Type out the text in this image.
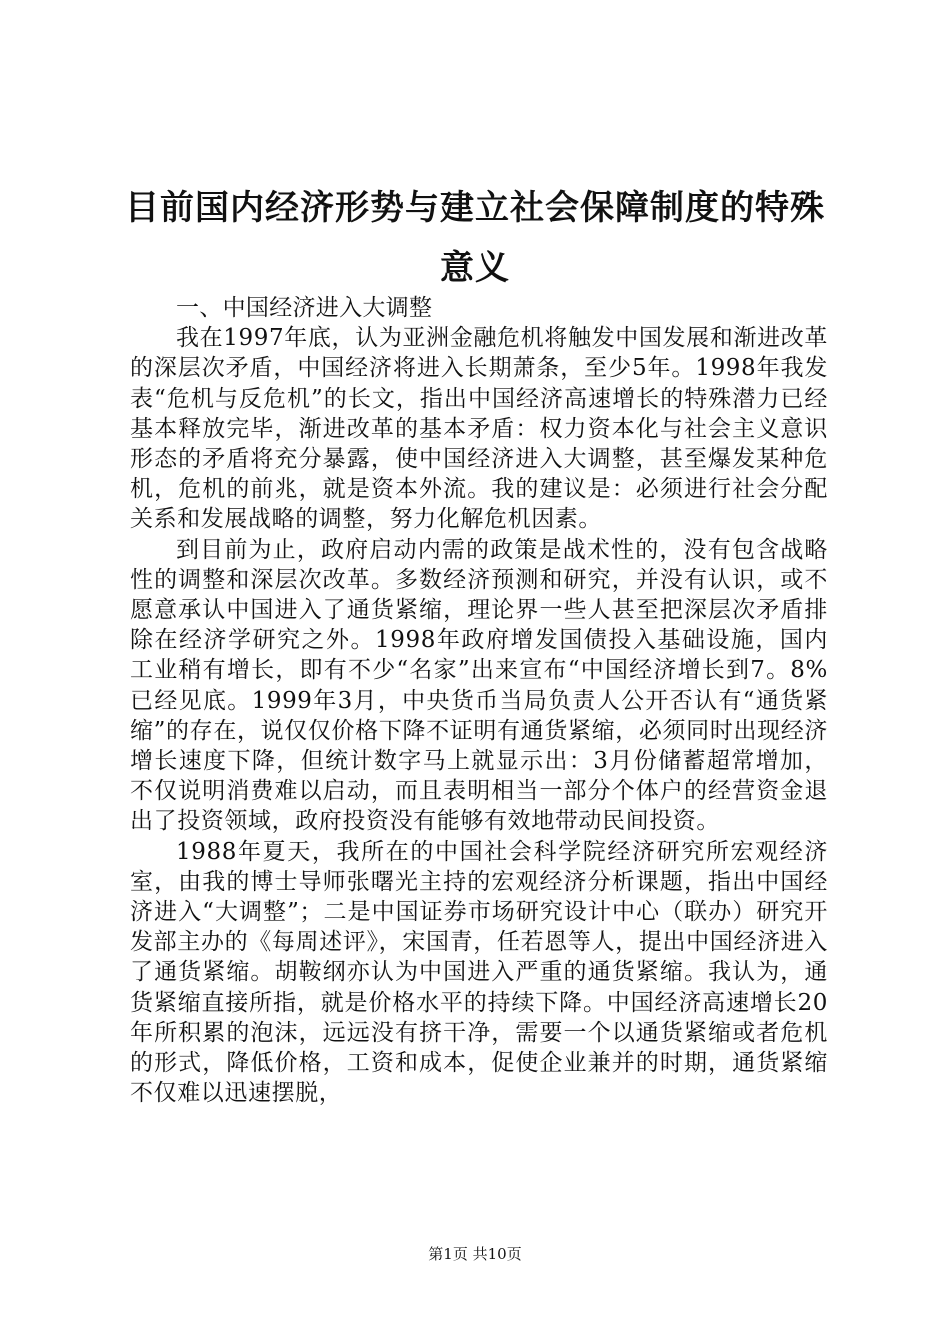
目前国内经济形势与建立社会保障制度的特殊意义

一、中国经济进入大调整

我在1997年底，认为亚洲金融危机将触发中国发展和渐进改革的深层次矛盾，中国经济将进入长期萧条，至少5年。1998年我发表“危机与反危机”的长文，指出中国经济高速增长的特殊潜力已经基本释放完毕，渐进改革的基本矛盾：权力资本化与社会主义意识形态的矛盾将充分暴露，使中国经济进入大调整，甚至爆发某种危机，危机的前兆，就是资本外流。我的建议是：必须进行社会分配关系和发展战略的调整，努力化解危机因素。

到目前为止，政府启动内需的政策是战术性的，没有包含战略性的调整和深层次改革。多数经济预测和研究，并没有认识，或不愿意承认中国进入了通货紧缩，理论界一些人甚至把深层次矛盾排除在经济学研究之外。1998年政府增发国债投入基础设施，国内工业稍有增长，即有不少“名家”出来宣布“中国经济增长到7。8%已经见底。1999年3月，中央货币当局负责人公开否认有“通货紧缩”的存在，说仅仅价格下降不证明有通货紧缩，必须同时出现经济增长速度下降，但统计数字马上就显示出：3月份储蓄超常增加，不仅说明消费难以启动，而且表明相当一部分个体户的经营资金退出了投资领域，政府投资没有能够有效地带动民间投资。

1988年夏天，我所在的中国社会科学院经济研究所宏观经济室，由我的博士导师张曙光主持的宏观经济分析课题，指出中国经济进入“大调整”；二是中国证券市场研究设计中心（联办）研究开发部主办的《每周述评》，宋国青，任若恩等人，提出中国经济进入了通货紧缩。胡鞍纲亦认为中国进入严重的通货紧缩。我认为，通货紧缩直接所指，就是价格水平的持续下降。中国经济高速增长20年所积累的泡沫，远远没有挤干净，需要一个以通货紧缩或者危机的形式，降低价格，工资和成本，促使企业兼并的时期，通货紧缩不仅难以迅速摆脱，

第1页 共10页
